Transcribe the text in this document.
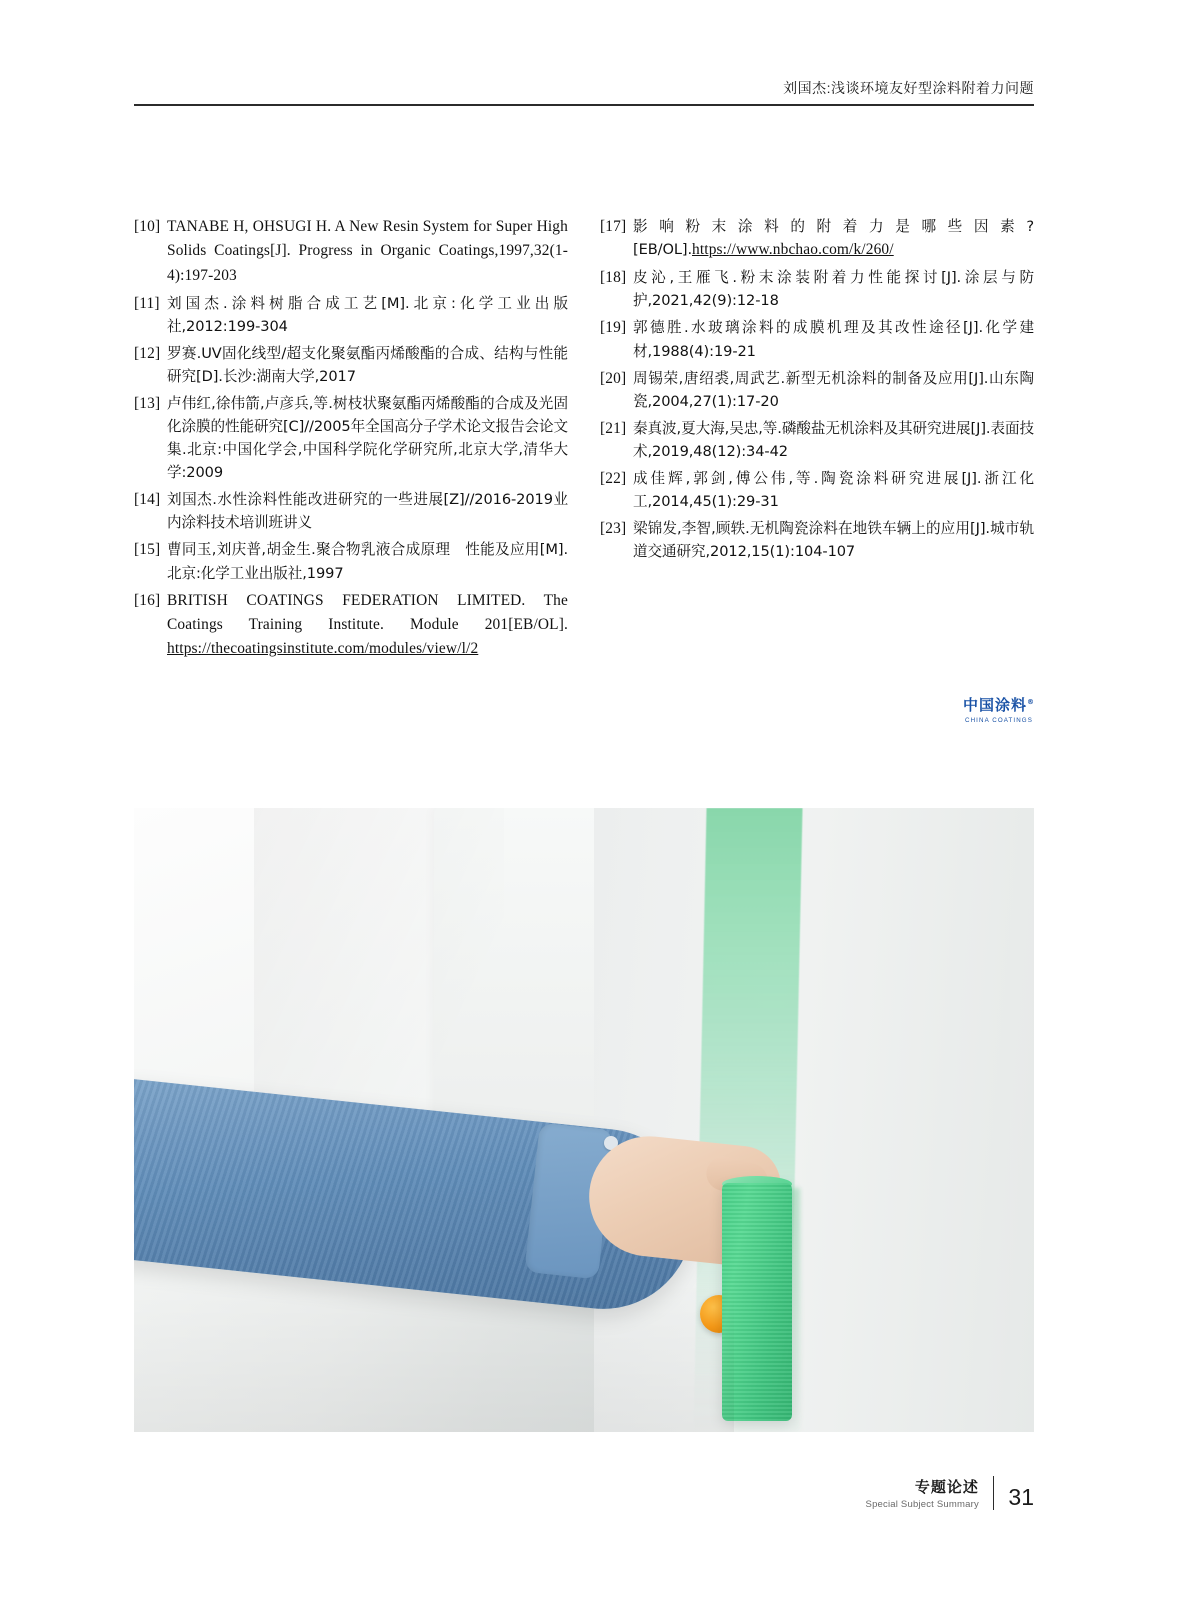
刘国杰:浅谈环境友好型涂料附着力问题
[10] TANABE H, OHSUGI H. A New Resin System for Super High Solids Coatings[J]. Progress in Organic Coatings,1997,32(1-4):197-203
[11] 刘国杰.涂料树脂合成工艺[M].北京:化学工业出版社,2012:199-304
[12] 罗赛.UV固化线型/超支化聚氨酯丙烯酸酯的合成、结构与性能研究[D].长沙:湖南大学,2017
[13] 卢伟红,徐伟箭,卢彦兵,等.树枝状聚氨酯丙烯酸酯的合成及光固化涂膜的性能研究[C]//2005年全国高分子学术论文报告会论文集.北京:中国化学会,中国科学院化学研究所,北京大学,清华大学:2009
[14] 刘国杰.水性涂料性能改进研究的一些进展[Z]//2016-2019业内涂料技术培训班讲义
[15] 曹同玉,刘庆普,胡金生.聚合物乳液合成原理　性能及应用[M].北京:化学工业出版社,1997
[16] BRITISH COATINGS FEDERATION LIMITED. The Coatings Training Institute. Module 201[EB/OL]. https://thecoatingsinstitute.com/modules/view/l/2
[17] 影响粉末涂料的附着力是哪些因素?[EB/OL].https://www.nbchao.com/k/260/
[18] 皮沁,王雁飞.粉末涂装附着力性能探讨[J].涂层与防护,2021,42(9):12-18
[19] 郭德胜.水玻璃涂料的成膜机理及其改性途径[J].化学建材,1988(4):19-21
[20] 周锡荣,唐绍裘,周武艺.新型无机涂料的制备及应用[J].山东陶瓷,2004,27(1):17-20
[21] 秦真波,夏大海,吴忠,等.磷酸盐无机涂料及其研究进展[J].表面技术,2019,48(12):34-42
[22] 成佳辉,郭剑,傅公伟,等.陶瓷涂料研究进展[J].浙江化工,2014,45(1):29-31
[23] 梁锦发,李智,顾轶.无机陶瓷涂料在地铁车辆上的应用[J].城市轨道交通研究,2012,15(1):104-107
中国涂料®
CHINA COATINGS
专题论述
Special Subject Summary 31
